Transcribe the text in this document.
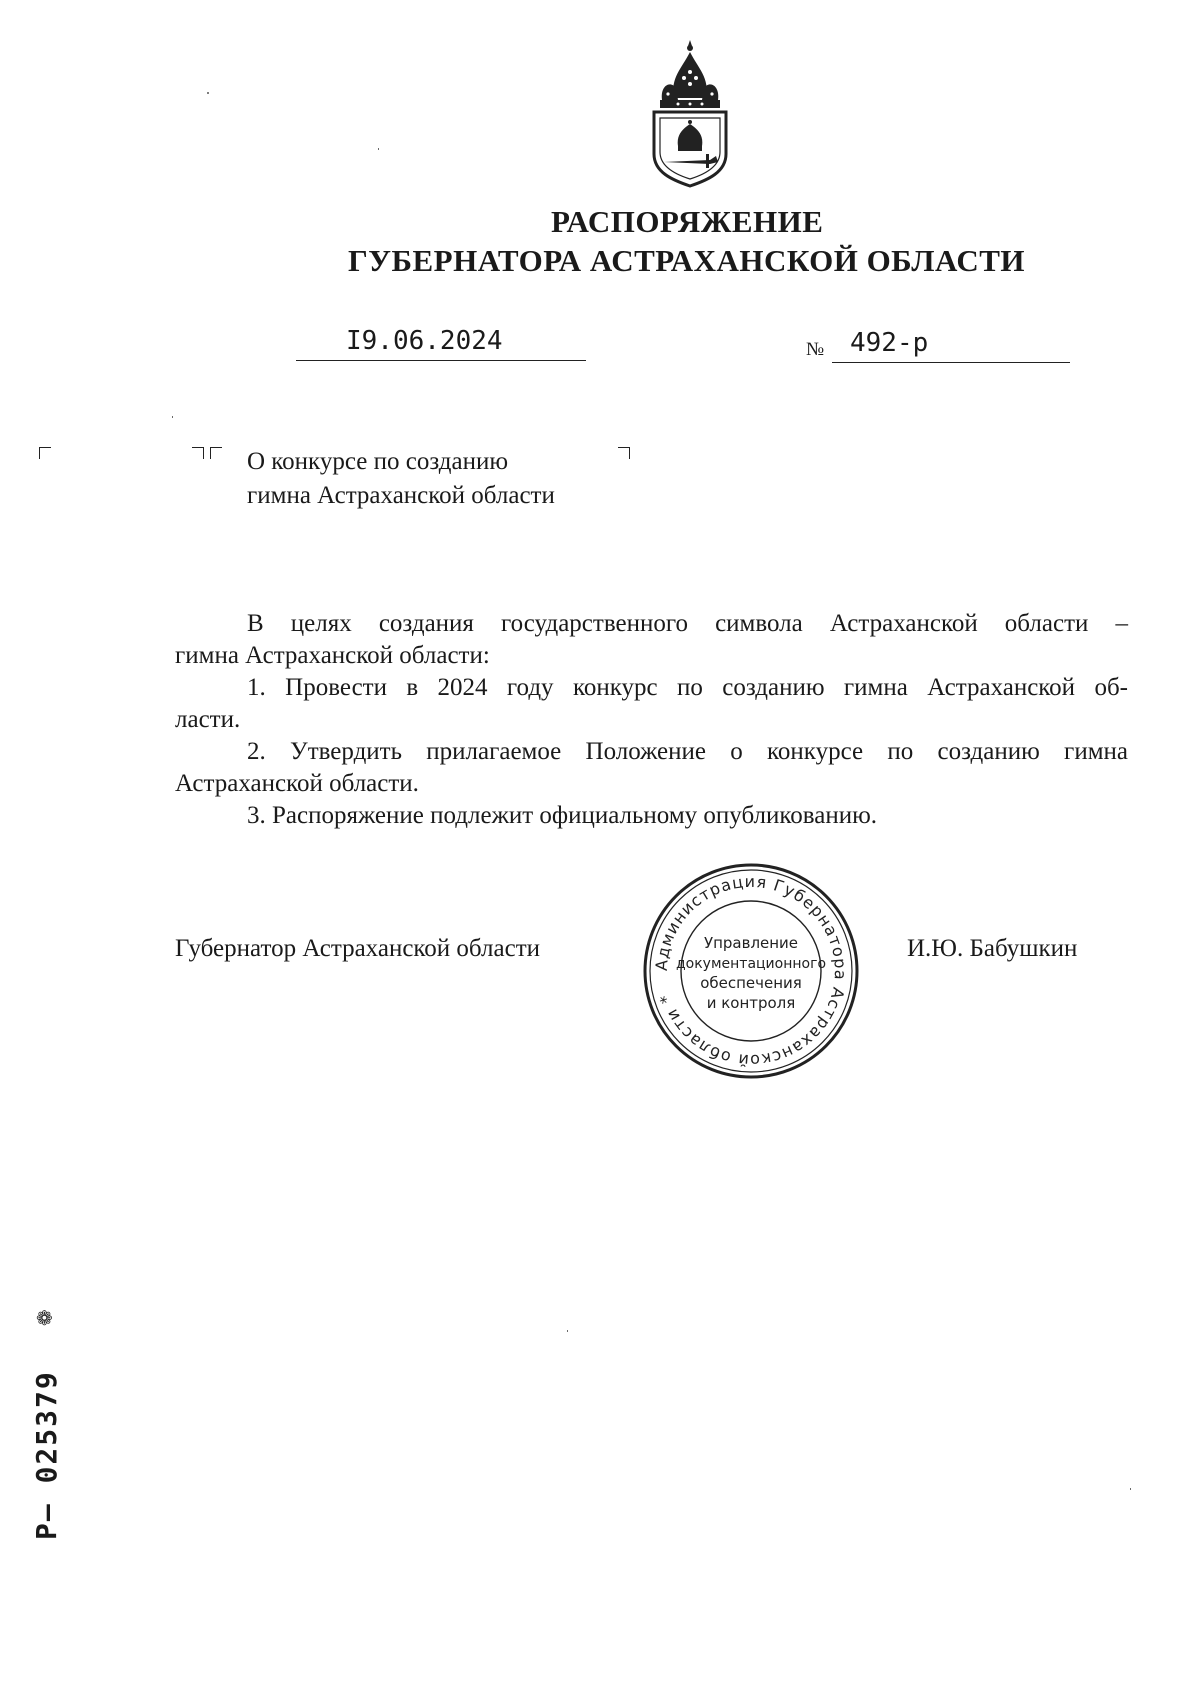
РАСПОРЯЖЕНИЕ
ГУБЕРНАТОРА АСТРАХАНСКОЙ ОБЛАСТИ
I9.06.2024	№ 492-р
О конкурсе по созданию
гимна Астраханской области

В целях создания государственного символа Астраханской области –

гимна Астраханской области:

1. Провести в 2024 году конкурс по созданию гимна Астраханской об-

ласти.

2. Утвердить прилагаемое Положение о конкурсе по созданию гимна

Астраханской области.

3. Распоряжение подлежит официальному опубликованию.

Губернатор Астраханской области	И.Ю. Бабушкин
Администрация Губернатора Астраханской области *
Управление
документационного
обеспечения
и контроля
❁
Р– 025379
